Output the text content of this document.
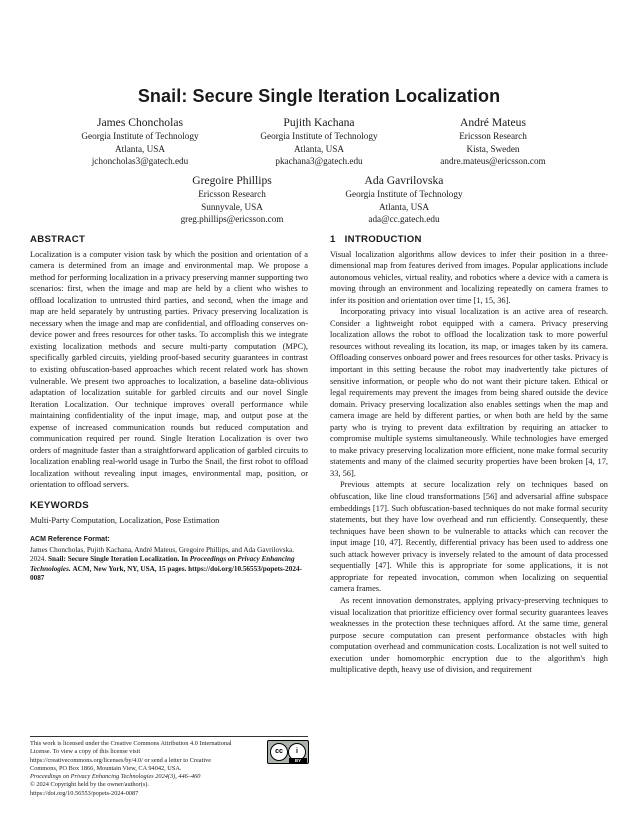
Snail: Secure Single Iteration Localization
James Choncholas
Georgia Institute of Technology
Atlanta, USA
jchoncholas3@gatech.edu
Pujith Kachana
Georgia Institute of Technology
Atlanta, USA
pkachana3@gatech.edu
André Mateus
Ericsson Research
Kista, Sweden
andre.mateus@ericsson.com
Gregoire Phillips
Ericsson Research
Sunnyvale, USA
greg.phillips@ericsson.com
Ada Gavrilovska
Georgia Institute of Technology
Atlanta, USA
ada@cc.gatech.edu
ABSTRACT

Localization is a computer vision task by which the position and orientation of a camera is determined from an image and environmental map. We propose a method for performing localization in a privacy preserving manner supporting two scenarios: first, when the image and map are held by a client who wishes to offload localization to untrusted third parties, and second, when the image and map are held separately by untrusting parties. Privacy preserving localization is necessary when the image and map are confidential, and offloading conserves on-device power and frees resources for other tasks. To accomplish this we integrate existing localization methods and secure multi-party computation (MPC), specifically garbled circuits, yielding proof-based security guarantees in contrast to existing obfuscation-based approaches which recent related work has shown vulnerable. We present two approaches to localization, a baseline data-oblivious adaptation of localization suitable for garbled circuits and our novel Single Iteration Localization. Our technique improves overall performance while maintaining confidentiality of the input image, map, and output pose at the expense of increased communication rounds but reduced computation and communication required per round. Single Iteration Localization is over two orders of magnitude faster than a straightforward application of garbled circuits to localization enabling real-world usage in Turbo the Snail, the first robot to offload localization without revealing input images, environmental map, position, or orientation to offload servers.

KEYWORDS

Multi-Party Computation, Localization, Pose Estimation

ACM Reference Format:
James Choncholas, Pujith Kachana, André Mateus, Gregoire Phillips, and Ada Gavrilovska. 2024. Snail: Secure Single Iteration Localization. In Proceedings on Privacy Enhancing Technologies. ACM, New York, NY, USA, 15 pages. https://doi.org/10.56553/popets-2024-0087
This work is licensed under the Creative Commons Attribution 4.0 International License. To view a copy of this license visit https://creativecommons.org/licenses/by/4.0/ or send a letter to Creative Commons, PO Box 1866, Mountain View, CA 94042, USA.
Proceedings on Privacy Enhancing Technologies 2024(3), 446–460
© 2024 Copyright held by the owner/author(s).
https://doi.org/10.56553/popets-2024-0087
cc	i
BY
1 INTRODUCTION

Visual localization algorithms allow devices to infer their position in a three-dimensional map from features derived from images. Popular applications include autonomous vehicles, virtual reality, and robotics where a device with a camera is moving through an environment and localizing repeatedly on camera frames to infer its position and orientation over time [1, 15, 36].

Incorporating privacy into visual localization is an active area of research. Consider a lightweight robot equipped with a camera. Privacy preserving localization allows the robot to offload the localization task to more powerful resources without revealing its location, its map, or images taken by its camera. Offloading conserves onboard power and frees resources for other tasks. Privacy is important in this setting because the robot may inadvertently take pictures of sensitive information, or people who do not want their picture taken. Ethical or legal requirements may prevent the images from being shared outside the device domain. Privacy preserving localization also enables settings when the map and camera image are held by different parties, or when both are held by the same party who is trying to prevent data exfiltration by requiring an attacker to compromise multiple systems simultaneously. While technologies have emerged to make privacy preserving localization more efficient, none make formal security statements and many of the claimed security properties have been broken [4, 17, 33, 56].

Previous attempts at secure localization rely on techniques based on obfuscation, like line cloud transformations [56] and adversarial affine subspace embeddings [17]. Such obfuscation-based techniques do not make formal security statements, but they have low overhead and run efficiently. Consequently, these techniques have been shown to be vulnerable to attacks which can recover the input image [10, 47]. Recently, differential privacy has been used to address one such attack however privacy is inversely related to the amount of data processed sequentially [47]. While this is appropriate for some applications, it is not appropriate for repeated invocation, common when localizing on sequential camera frames.

As recent innovation demonstrates, applying privacy-preserving techniques to visual localization that prioritize efficiency over formal security guarantees leaves weaknesses in the protection these techniques afford. At the same time, general purpose secure computation can present performance obstacles with high computation overhead and communication costs. Localization is not well suited to execution under homomorphic encryption due to the algorithm's high multiplicative depth, heavy use of division, and requirement
